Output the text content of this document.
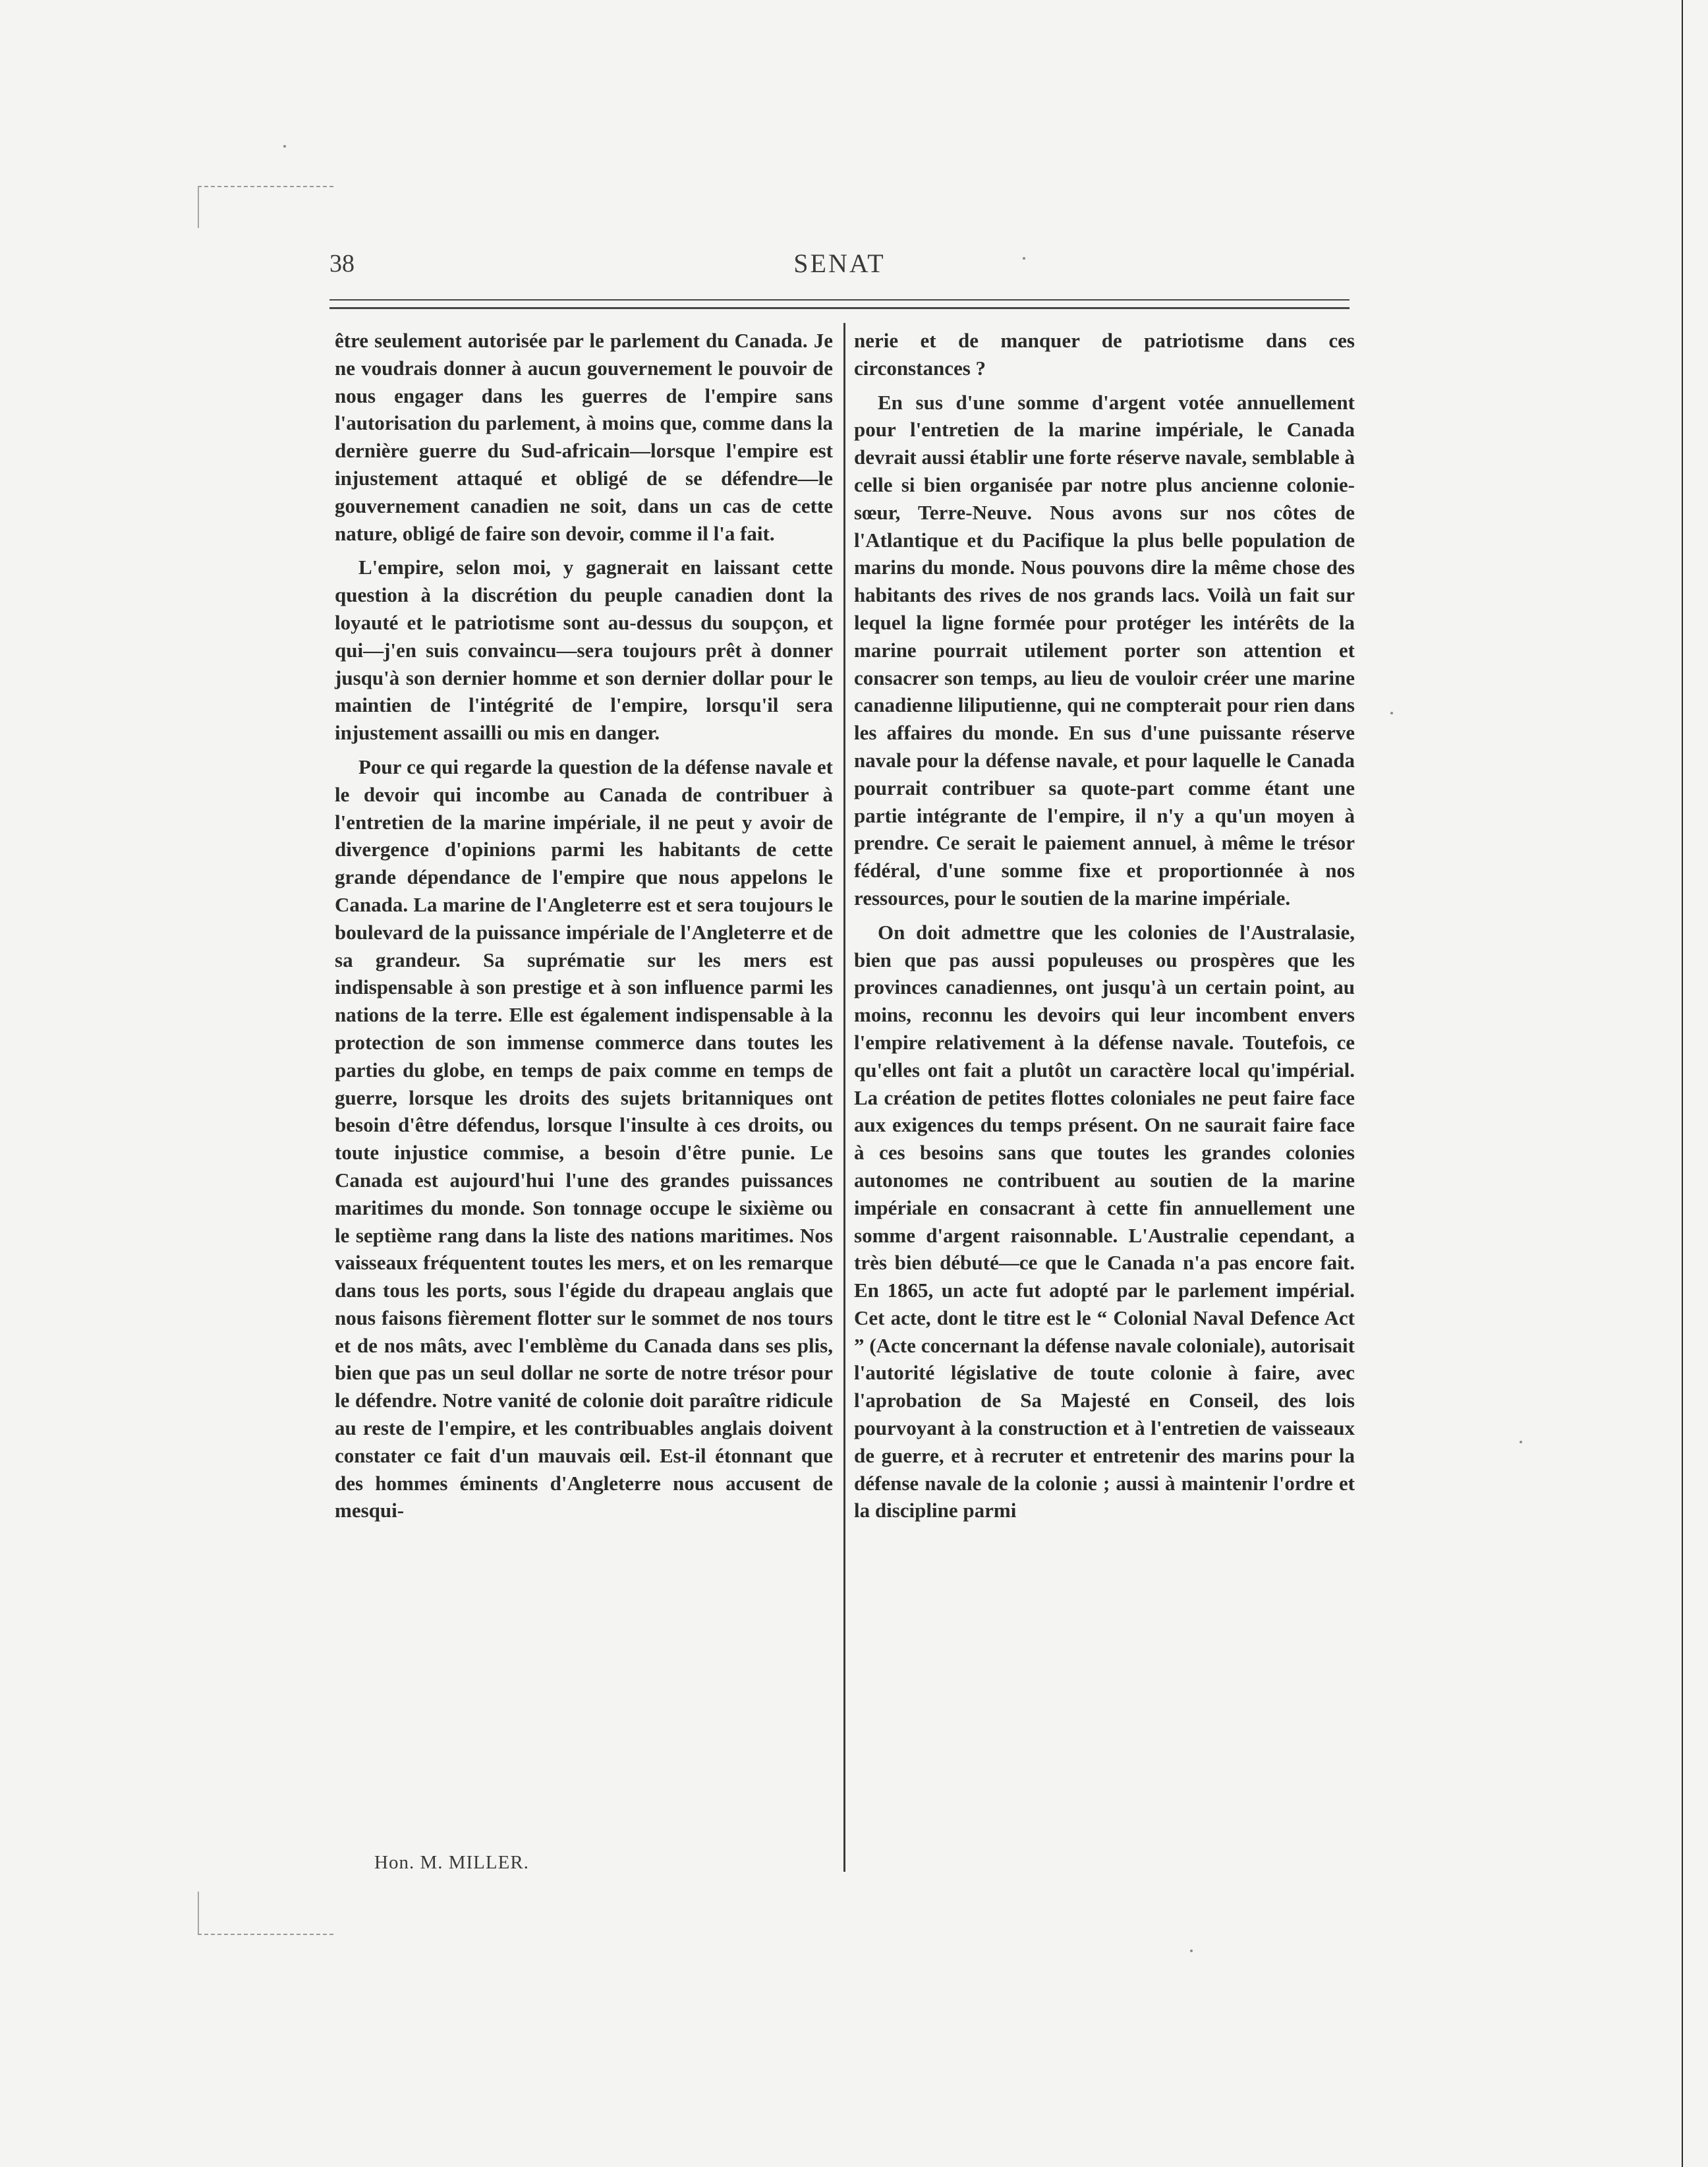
38	SENAT

être seulement autorisée par le parlement du Canada. Je ne voudrais donner à aucun gouvernement le pouvoir de nous engager dans les guerres de l'empire sans l'autorisation du parlement, à moins que, comme dans la dernière guerre du Sud-africain—lorsque l'empire est injustement attaqué et obligé de se défendre—le gouvernement canadien ne soit, dans un cas de cette nature, obligé de faire son devoir, comme il l'a fait.

L'empire, selon moi, y gagnerait en laissant cette question à la discrétion du peuple canadien dont la loyauté et le patriotisme sont au-dessus du soupçon, et qui—j'en suis convaincu—sera toujours prêt à donner jusqu'à son dernier homme et son dernier dollar pour le maintien de l'intégrité de l'empire, lorsqu'il sera injustement assailli ou mis en danger.

Pour ce qui regarde la question de la défense navale et le devoir qui incombe au Canada de contribuer à l'entretien de la marine impériale, il ne peut y avoir de divergence d'opinions parmi les habitants de cette grande dépendance de l'empire que nous appelons le Canada. La marine de l'Angleterre est et sera toujours le boulevard de la puissance impériale de l'Angleterre et de sa grandeur. Sa suprématie sur les mers est indispensable à son prestige et à son influence parmi les nations de la terre. Elle est également indispensable à la protection de son immense commerce dans toutes les parties du globe, en temps de paix comme en temps de guerre, lorsque les droits des sujets britanniques ont besoin d'être défendus, lorsque l'insulte à ces droits, ou toute injustice commise, a besoin d'être punie. Le Canada est aujourd'hui l'une des grandes puissances maritimes du monde. Son tonnage occupe le sixième ou le septième rang dans la liste des nations maritimes. Nos vaisseaux fréquentent toutes les mers, et on les remarque dans tous les ports, sous l'égide du drapeau anglais que nous faisons fièrement flotter sur le sommet de nos tours et de nos mâts, avec l'emblème du Canada dans ses plis, bien que pas un seul dollar ne sorte de notre trésor pour le défendre. Notre vanité de colonie doit paraître ridicule au reste de l'empire, et les contribuables anglais doivent constater ce fait d'un mauvais œil. Est-il étonnant que des hommes éminents d'Angleterre nous accusent de mesqui-

nerie et de manquer de patriotisme dans ces circonstances ?

En sus d'une somme d'argent votée annuellement pour l'entretien de la marine impériale, le Canada devrait aussi établir une forte réserve navale, semblable à celle si bien organisée par notre plus ancienne colonie-sœur, Terre-Neuve. Nous avons sur nos côtes de l'Atlantique et du Pacifique la plus belle population de marins du monde. Nous pouvons dire la même chose des habitants des rives de nos grands lacs. Voilà un fait sur lequel la ligne formée pour protéger les intérêts de la marine pourrait utilement porter son attention et consacrer son temps, au lieu de vouloir créer une marine canadienne liliputienne, qui ne compterait pour rien dans les affaires du monde. En sus d'une puissante réserve navale pour la défense navale, et pour laquelle le Canada pourrait contribuer sa quote-part comme étant une partie intégrante de l'empire, il n'y a qu'un moyen à prendre. Ce serait le paiement annuel, à même le trésor fédéral, d'une somme fixe et proportionnée à nos ressources, pour le soutien de la marine impériale.

On doit admettre que les colonies de l'Australasie, bien que pas aussi populeuses ou prospères que les provinces canadiennes, ont jusqu'à un certain point, au moins, reconnu les devoirs qui leur incombent envers l'empire relativement à la défense navale. Toutefois, ce qu'elles ont fait a plutôt un caractère local qu'impérial. La création de petites flottes coloniales ne peut faire face aux exigences du temps présent. On ne saurait faire face à ces besoins sans que toutes les grandes colonies autonomes ne contribuent au soutien de la marine impériale en consacrant à cette fin annuellement une somme d'argent raisonnable. L'Australie cependant, a très bien débuté—ce que le Canada n'a pas encore fait. En 1865, un acte fut adopté par le parlement impérial. Cet acte, dont le titre est le “ Colonial Naval Defence Act ” (Acte concernant la défense navale coloniale), autorisait l'autorité législative de toute colonie à faire, avec l'aprobation de Sa Majesté en Conseil, des lois pourvoyant à la construction et à l'entretien de vaisseaux de guerre, et à recruter et entretenir des marins pour la défense navale de la colonie ; aussi à maintenir l'ordre et la discipline parmi

Hon. M. MILLER.
